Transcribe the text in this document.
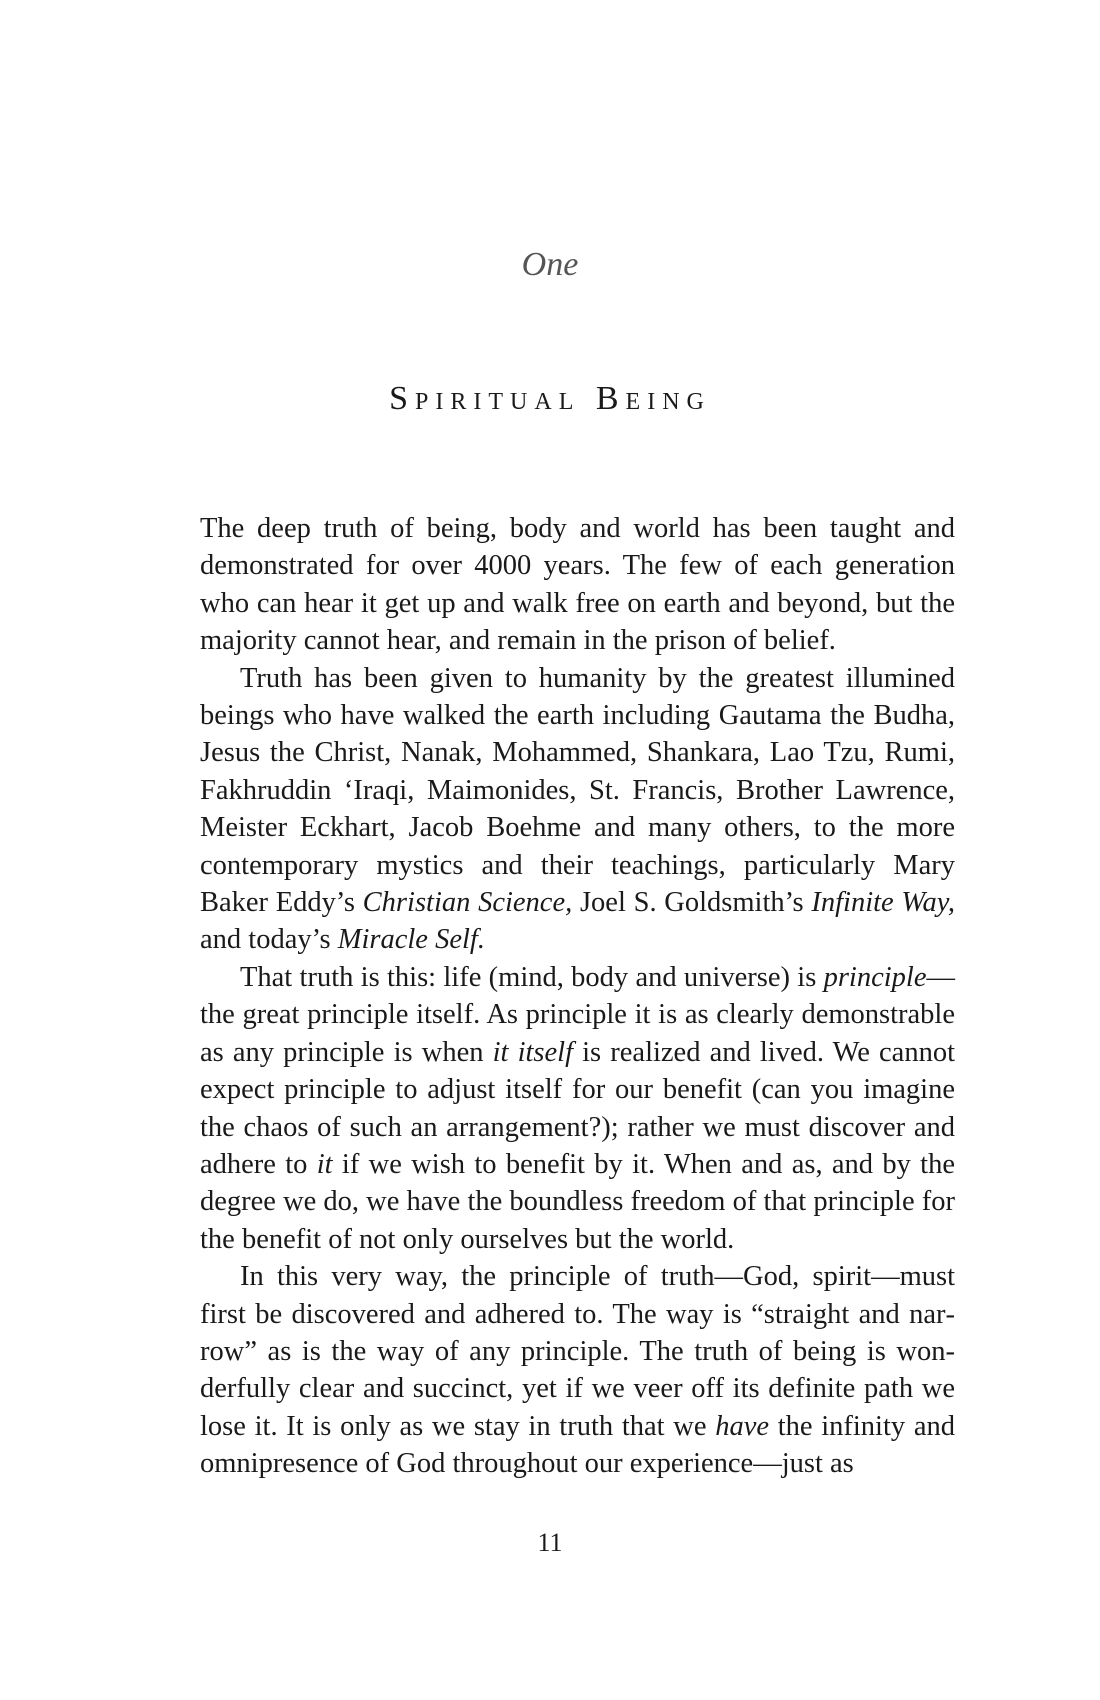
One
Spiritual Being

The deep truth of being, body and world has been taught and demonstrated for over 4000 years. The few of each generation who can hear it get up and walk free on earth and beyond, but the majority cannot hear, and remain in the prison of belief.

Truth has been given to humanity by the greatest illumined beings who have walked the earth including Gautama the Budha, Jesus the Christ, Nanak, Mohammed, Shankara, Lao Tzu, Rumi, Fakhruddin ‘Iraqi, Maimonides, St. Francis, Brother Lawrence, Meister Eckhart, Jacob Boehme and many others, to the more contemporary mystics and their teachings, particularly Mary Baker Eddy’s Christian Science, Joel S. Goldsmith’s Infinite Way, and today’s Miracle Self.

That truth is this: life (mind, body and universe) is principle—the great principle itself. As principle it is as clearly demonstrable as any principle is when it itself is realized and lived. We cannot expect principle to adjust itself for our benefit (can you imagine the chaos of such an arrangement?); rather we must discover and adhere to it if we wish to benefit by it. When and as, and by the degree we do, we have the boundless freedom of that principle for the benefit of not only ourselves but the world.

In this very way, the principle of truth—God, spirit—must first be discovered and adhered to. The way is “straight and narrow” as is the way of any principle. The truth of being is wonderfully clear and succinct, yet if we veer off its definite path we lose it. It is only as we stay in truth that we have the infinity and omnipresence of God throughout our experience—just as

11
